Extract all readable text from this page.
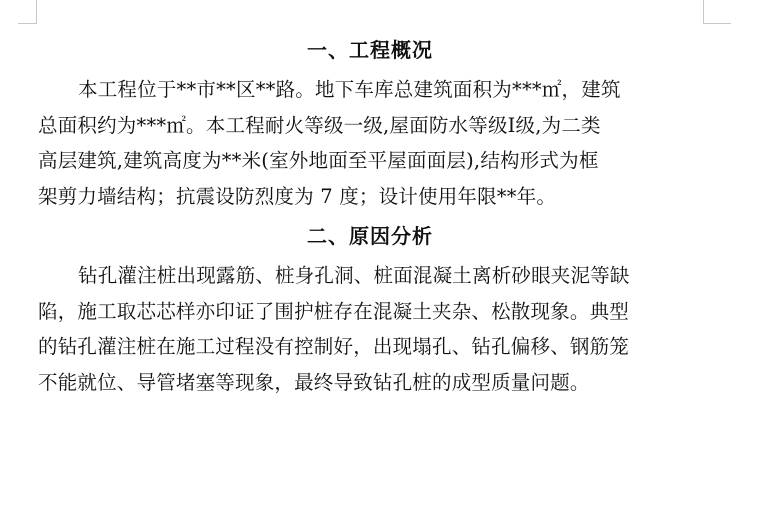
一、工程概况

本工程位于**市**区**路。地下车库总建筑面积为***㎡，建筑
总面积约为***㎡。本工程耐火等级一级,屋面防水等级Ⅰ级,为二类
高层建筑,建筑高度为**米(室外地面至平屋面面层),结构形式为框
架剪力墙结构；抗震设防烈度为 7 度；设计使用年限**年。

二、原因分析

钻孔灌注桩出现露筋、桩身孔洞、桩面混凝土离析砂眼夹泥等缺
陷，施工取芯芯样亦印证了围护桩存在混凝土夹杂、松散现象。典型
的钻孔灌注桩在施工过程没有控制好，出现塌孔、钻孔偏移、钢筋笼
不能就位、导管堵塞等现象，最终导致钻孔桩的成型质量问题。
